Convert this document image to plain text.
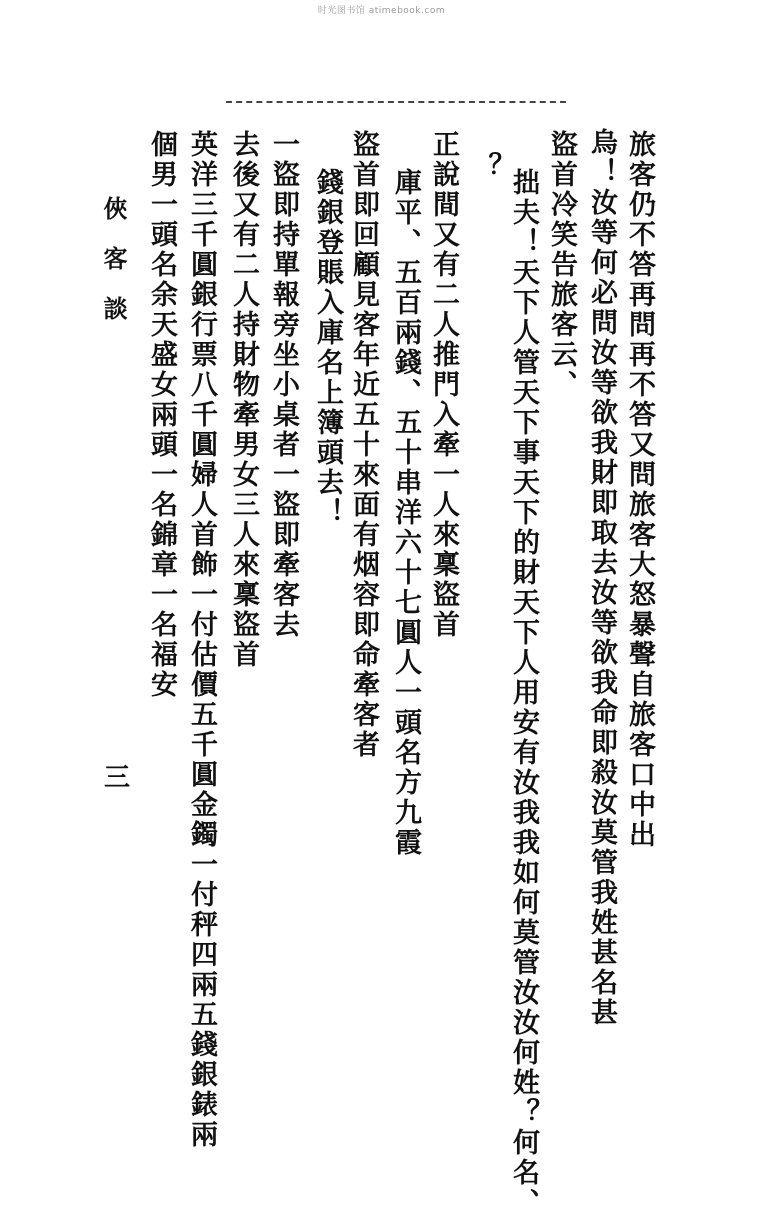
时光图书馆 atimebook.com
旅客仍不答再問再不答又問旅客大怒暴聲自旅客口中出
烏！汝等何必問汝等欲我財即取去汝等欲我命即殺汝莫管我姓甚名甚
盜首冷笑告旅客云、
拙夫！天下人管天下事天下的財天下人用安有汝我我如何莫管汝汝何姓？何名、
？
正說間又有二人推門入牽一人來稟盜首
庫平、五百兩錢、五十串洋六十七圓人一頭名方九霞
盜首即回顧見客年近五十來面有烟容即命牽客者
錢銀登賬入庫名上簿頭去！
一盜即持單報旁坐小桌者一盜即牽客去
去後又有二人持財物牽男女三人來稟盜首
英洋三千圓銀行票八千圓婦人首飾一付估價五千圓金鐲一付秤四兩五錢銀錶兩
個男一頭名余天盛女兩頭一名錦章一名福安
俠客談
三
